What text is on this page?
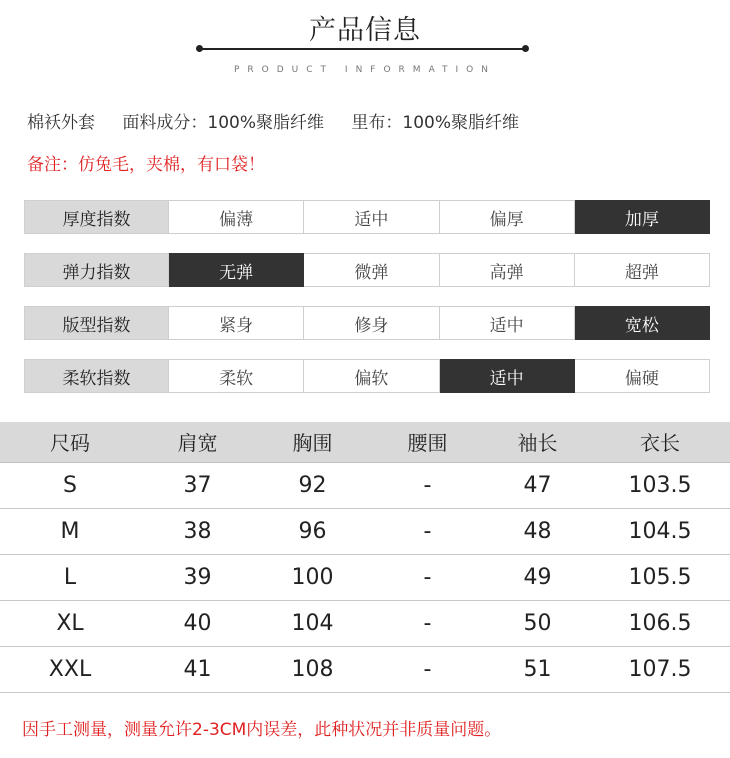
产品信息
PRODUCT INFORMATION
棉袄外套 面料成分：100%聚脂纤维 里布：100%聚脂纤维
备注：仿兔毛，夹棉，有口袋！
厚度指数	偏薄	适中	偏厚	加厚
弹力指数	无弹	微弹	高弹	超弹
版型指数	紧身	修身	适中	宽松
柔软指数	柔软	偏软	适中	偏硬
尺码	肩宽	胸围	腰围	袖长	衣长
S	37	92	-	47	103.5
M	38	96	-	48	104.5
L	39	100	-	49	105.5
XL	40	104	-	50	106.5
XXL	41	108	-	51	107.5
因手工测量，测量允许2-3CM内误差，此种状况并非质量问题。
